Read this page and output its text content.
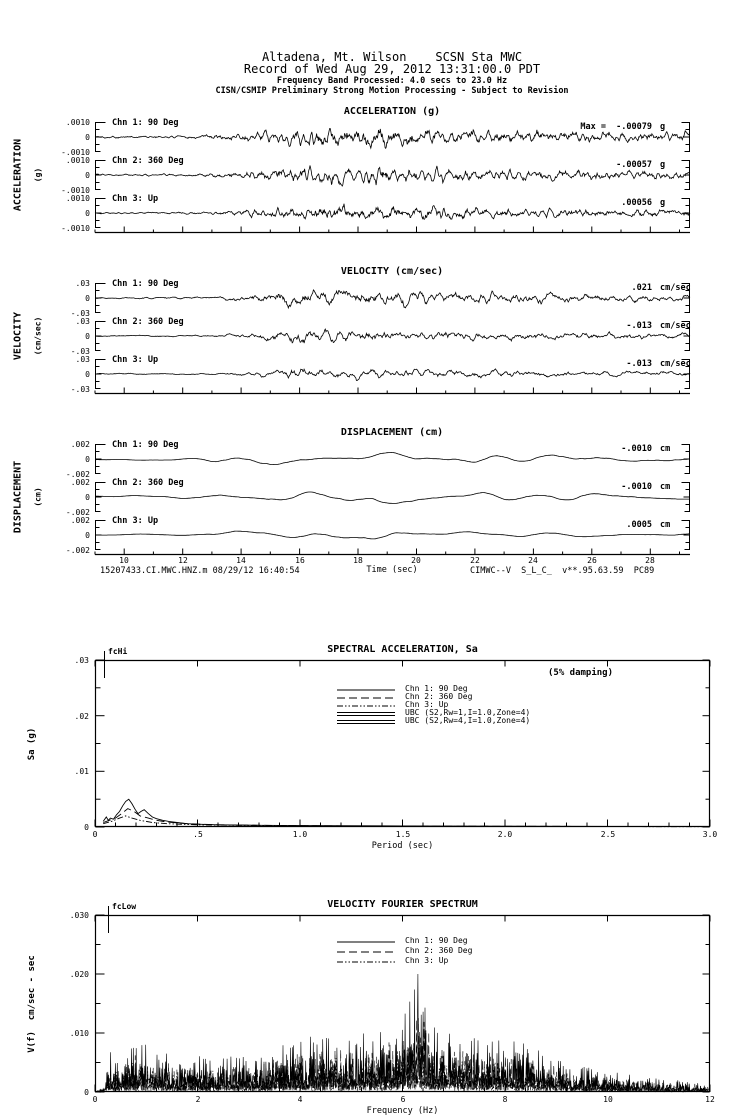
Altadena, Mt. Wilson    SCSN Sta MWC
Record of Wed Aug 29, 2012 13:31:00.0 PDT
Frequency Band Processed: 4.0 secs to 23.0 Hz
CISN/CSMIP Preliminary Strong Motion Processing - Subject to Revision
ACCELERATION (g)
ACCELERATION (g)
.0010
0
-.0010
Chn 1: 90 Deg	Max =  -.00079 g
.0010
0
-.0010
Chn 2: 360 Deg	-.00057 g
.0010
0
-.0010
Chn 3: Up	.00056 g
VELOCITY (cm/sec)
VELOCITY (cm/sec)
.03
0
-.03
Chn 1: 90 Deg	.021 cm/sec
.03
0
-.03
Chn 2: 360 Deg	-.013 cm/sec
.03
0
-.03
Chn 3: Up	-.013 cm/sec
DISPLACEMENT (cm)
DISPLACEMENT (cm)
.002
0
-.002
Chn 1: 90 Deg	-.0010 cm
.002
0
-.002
Chn 2: 360 Deg	-.0010 cm
.002
0
-.002
Chn 3: Up	.0005 cm
10	12	14	16	18	20	22	24	26	28
15207433.CI.MWC.HNZ.m 08/29/12 16:40:54	Time (sec)	CIMWC--V  S_L_C_  v**.95.63.59  PC89
SPECTRAL ACCELERATION, Sa
0	.5	1.0	1.5	2.0	2.5	3.0
.03
.02
.01
0
Period (sec)
Sa (g)
fcHi
Chn 1: 90 Deg
Chn 2: 360 Deg
Chn 3: Up
UBC (S2,Rw=1,I=1.0,Zone=4)
UBC (S2,Rw=4,I=1.0,Zone=4)
(5% damping)
VELOCITY FOURIER SPECTRUM
0	2	4	6	8	10	12
.030
.020
.010
0
Frequency (Hz)
V(f)  cm/sec - sec
fcLow
Chn 1: 90 Deg
Chn 2: 360 Deg
Chn 3: Up
